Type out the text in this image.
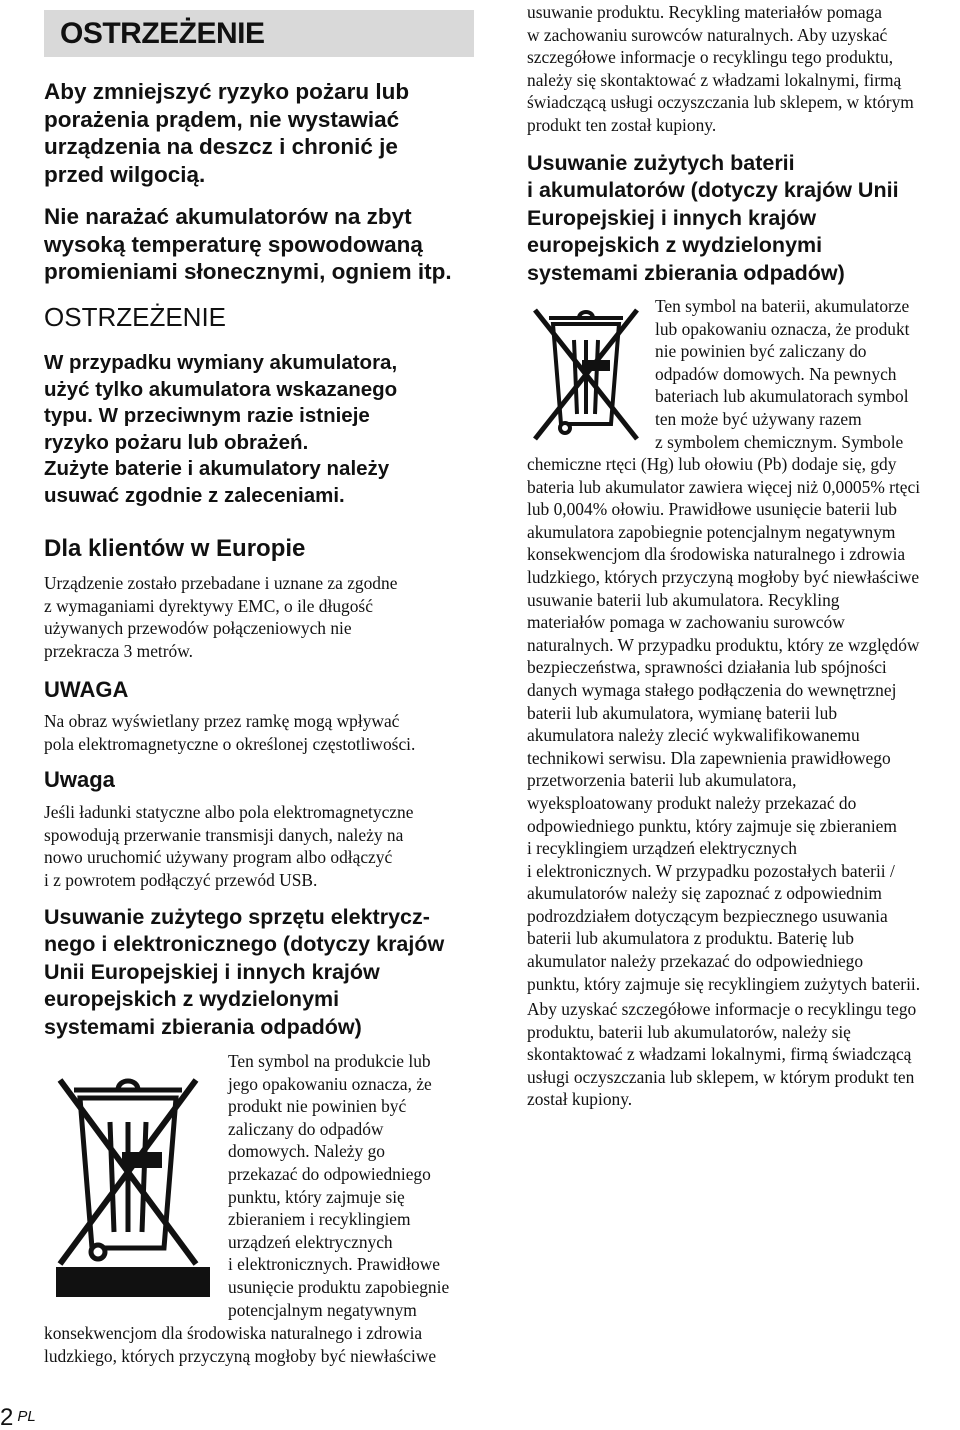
OSTRZEŻENIE
Aby zmniejszyć ryzyko pożaru lub
porażenia prądem, nie wystawiać
urządzenia na deszcz i chronić je
przed wilgocią.
Nie narażać akumulatorów na zbyt
wysoką temperaturę spowodowaną
promieniami słonecznymi, ogniem itp.
OSTRZEŻENIE
W przypadku wymiany akumulatora,
użyć tylko akumulatora wskazanego
typu. W przeciwnym razie istnieje
ryzyko pożaru lub obrażeń.
Zużyte baterie i akumulatory należy
usuwać zgodnie z zaleceniami.
Dla klientów w Europie
Urządzenie zostało przebadane i uznane za zgodne
z wymaganiami dyrektywy EMC, o ile długość
używanych przewodów połączeniowych nie
przekracza 3 metrów.
UWAGA
Na obraz wyświetlany przez ramkę mogą wpływać
pola elektromagnetyczne o określonej częstotliwości.
Uwaga
Jeśli ładunki statyczne albo pola elektromagnetyczne
spowodują przerwanie transmisji danych, należy na
nowo uruchomić używany program albo odłączyć
i z powrotem podłączyć przewód USB.
Usuwanie zużytego sprzętu elektrycz-
nego i elektronicznego (dotyczy krajów
Unii Europejskiej i innych krajów
europejskich z wydzielonymi
systemami zbierania odpadów)
Ten symbol na produkcie lub
jego opakowaniu oznacza, że
produkt nie powinien być
zaliczany do odpadów
domowych. Należy go
przekazać do odpowiedniego
punktu, który zajmuje się
zbieraniem i recyklingiem
urządzeń elektrycznych
i elektronicznych. Prawidłowe
usunięcie produktu zapobiegnie
potencjalnym negatywnym
konsekwencjom dla środowiska naturalnego i zdrowia
ludzkiego, których przyczyną mogłoby być niewłaściwe
usuwanie produktu. Recykling materiałów pomaga
w zachowaniu surowców naturalnych. Aby uzyskać
szczegółowe informacje o recyklingu tego produktu,
należy się skontaktować z władzami lokalnymi, firmą
świadczącą usługi oczyszczania lub sklepem, w którym
produkt ten został kupiony.
Usuwanie zużytych baterii
i akumulatorów (dotyczy krajów Unii
Europejskiej i innych krajów
europejskich z wydzielonymi
systemami zbierania odpadów)
Ten symbol na baterii, akumulatorze
lub opakowaniu oznacza, że produkt
nie powinien być zaliczany do
odpadów domowych. Na pewnych
bateriach lub akumulatorach symbol
ten może być używany razem
z symbolem chemicznym. Symbole
chemiczne rtęci (Hg) lub ołowiu (Pb) dodaje się, gdy
bateria lub akumulator zawiera więcej niż 0,0005% rtęci
lub 0,004% ołowiu. Prawidłowe usunięcie baterii lub
akumulatora zapobiegnie potencjalnym negatywnym
konsekwencjom dla środowiska naturalnego i zdrowia
ludzkiego, których przyczyną mogłoby być niewłaściwe
usuwanie baterii lub akumulatora. Recykling
materiałów pomaga w zachowaniu surowców
naturalnych. W przypadku produktu, który ze względów
bezpieczeństwa, sprawności działania lub spójności
danych wymaga stałego podłączenia do wewnętrznej
baterii lub akumulatora, wymianę baterii lub
akumulatora należy zlecić wykwalifikowanemu
technikowi serwisu. Dla zapewnienia prawidłowego
przetworzenia baterii lub akumulatora,
wyeksploatowany produkt należy przekazać do
odpowiedniego punktu, który zajmuje się zbieraniem
i recyklingiem urządzeń elektrycznych
i elektronicznych. W przypadku pozostałych baterii /
akumulatorów należy się zapoznać z odpowiednim
podrozdziałem dotyczącym bezpiecznego usuwania
baterii lub akumulatora z produktu. Baterię lub
akumulator należy przekazać do odpowiedniego
punktu, który zajmuje się recyklingiem zużytych baterii.
Aby uzyskać szczegółowe informacje o recyklingu tego
produktu, baterii lub akumulatorów, należy się
skontaktować z władzami lokalnymi, firmą świadczącą
usługi oczyszczania lub sklepem, w którym produkt ten
został kupiony.
2 PL
